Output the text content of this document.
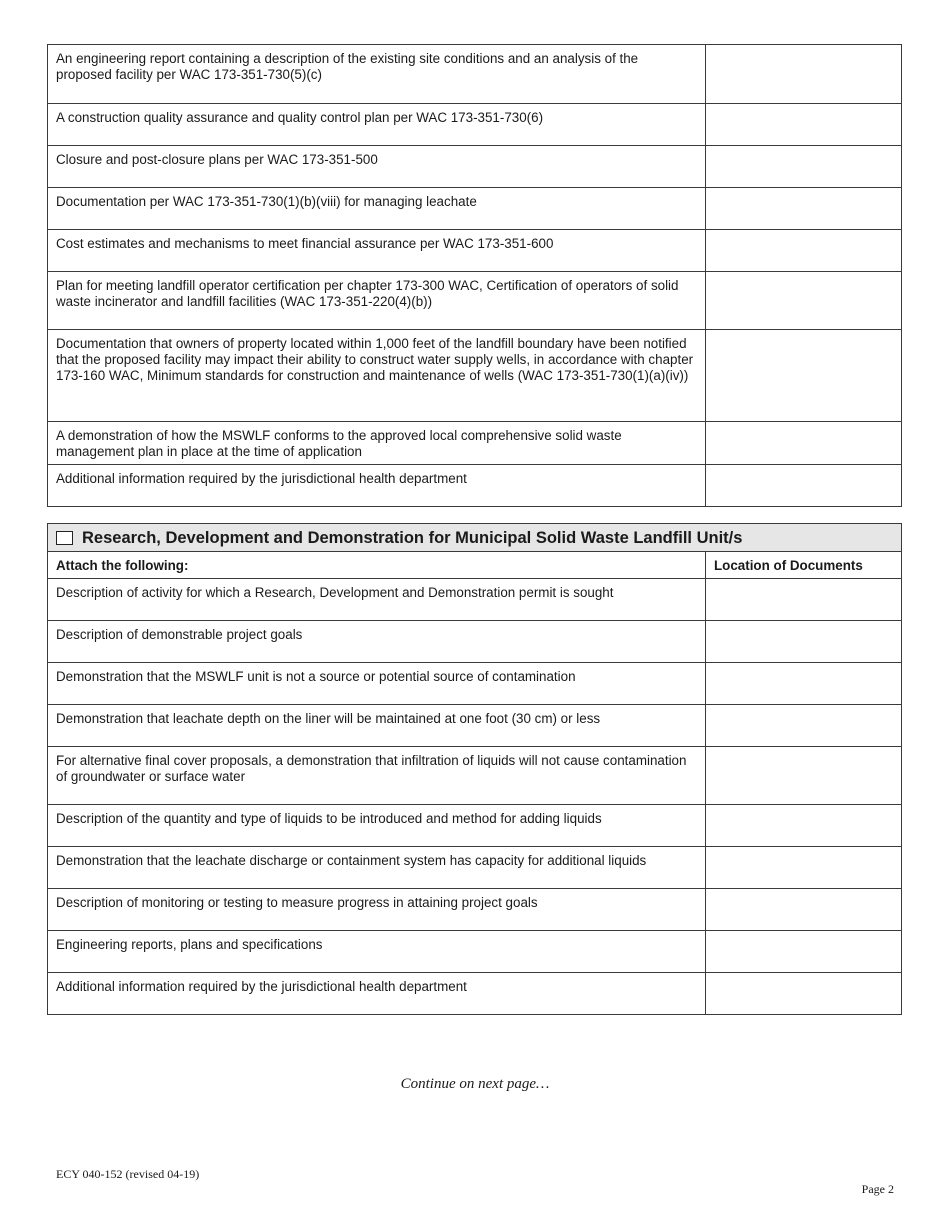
An engineering report containing a description of the existing site conditions and an analysis of the proposed facility per WAC 173-351-730(5)(c)	
A construction quality assurance and quality control plan per WAC 173-351-730(6)	
Closure and post-closure plans per WAC 173-351-500	
Documentation per WAC 173-351-730(1)(b)(viii) for managing leachate	
Cost estimates and mechanisms to meet financial assurance per WAC 173-351-600	
Plan for meeting landfill operator certification per chapter 173-300 WAC, Certification of operators of solid waste incinerator and landfill facilities (WAC 173-351-220(4)(b))	
Documentation that owners of property located within 1,000 feet of the landfill boundary have been notified that the proposed facility may impact their ability to construct water supply wells, in accordance with chapter 173-160 WAC, Minimum standards for construction and maintenance of wells (WAC 173-351-730(1)(a)(iv))	
A demonstration of how the MSWLF conforms to the approved local comprehensive solid waste management plan in place at the time of application	
Additional information required by the jurisdictional health department	
Research, Development and Demonstration for Municipal Solid Waste Landfill Unit/s	
Attach the following:	Location of Documents
Description of activity for which a Research, Development and Demonstration permit is sought	
Description of demonstrable project goals	
Demonstration that the MSWLF unit is not a source or potential source of contamination	
Demonstration that leachate depth on the liner will be maintained at one foot (30 cm) or less	
For alternative final cover proposals, a demonstration that infiltration of liquids will not cause contamination of groundwater or surface water	
Description of the quantity and type of liquids to be introduced and method for adding liquids	
Demonstration that the leachate discharge or containment system has capacity for additional liquids	
Description of monitoring or testing to measure progress in attaining project goals	
Engineering reports, plans and specifications	
Additional information required by the jurisdictional health department	
Continue on next page…
ECY 040-152 (revised 04-19)
Page 2
